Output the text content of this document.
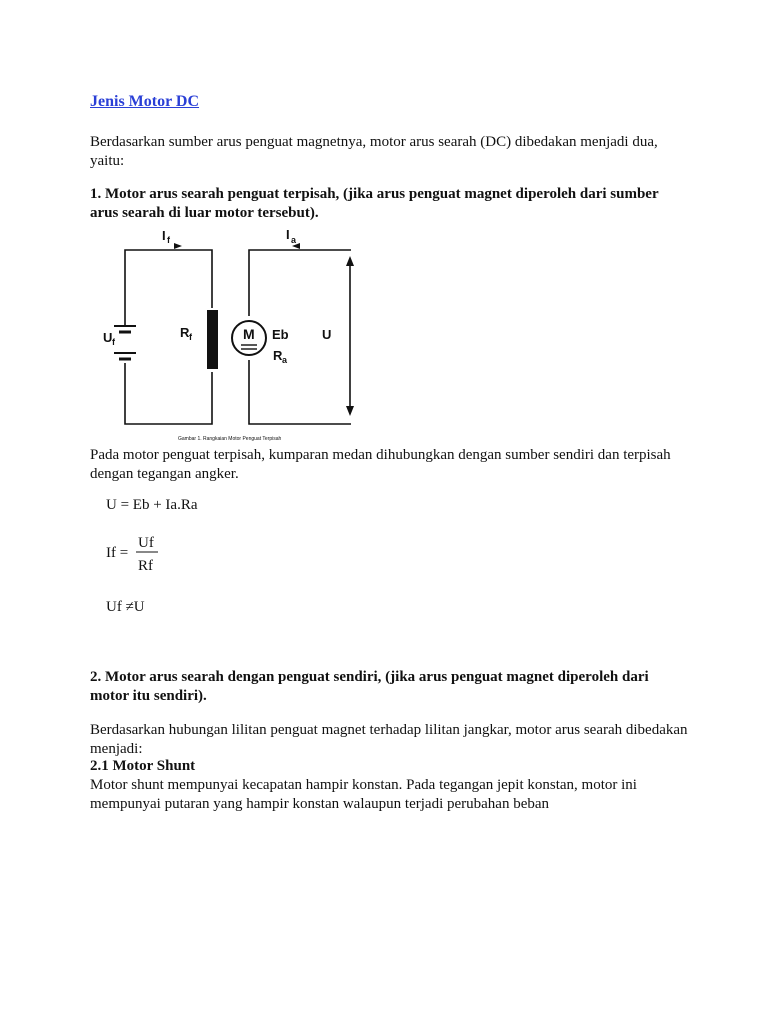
Jenis Motor DC

Berdasarkan sumber arus penguat magnetnya, motor arus searah (DC) dibedakan menjadi dua, yaitu:

1. Motor arus searah penguat terpisah, (jika arus penguat magnet diperoleh dari sumber arus searah di luar motor tersebut).

I f	I a
U f
R f	M Eb
R a
U
Gambar 1. Rangkaian Motor Penguat Terpisah

Pada motor penguat terpisah, kumparan medan dihubungkan dengan sumber sendiri dan terpisah dengan tegangan angker.

U = Eb + Ia.Ra
If =
Uf
Rf
Uf ≠U

2. Motor arus searah dengan penguat sendiri, (jika arus penguat magnet diperoleh dari motor itu sendiri).

Berdasarkan hubungan lilitan penguat magnet terhadap lilitan jangkar, motor arus searah dibedakan menjadi:

2.1 Motor Shunt

Motor shunt mempunyai kecapatan hampir konstan. Pada tegangan jepit konstan, motor ini mempunyai putaran yang hampir konstan walaupun terjadi perubahan beban
